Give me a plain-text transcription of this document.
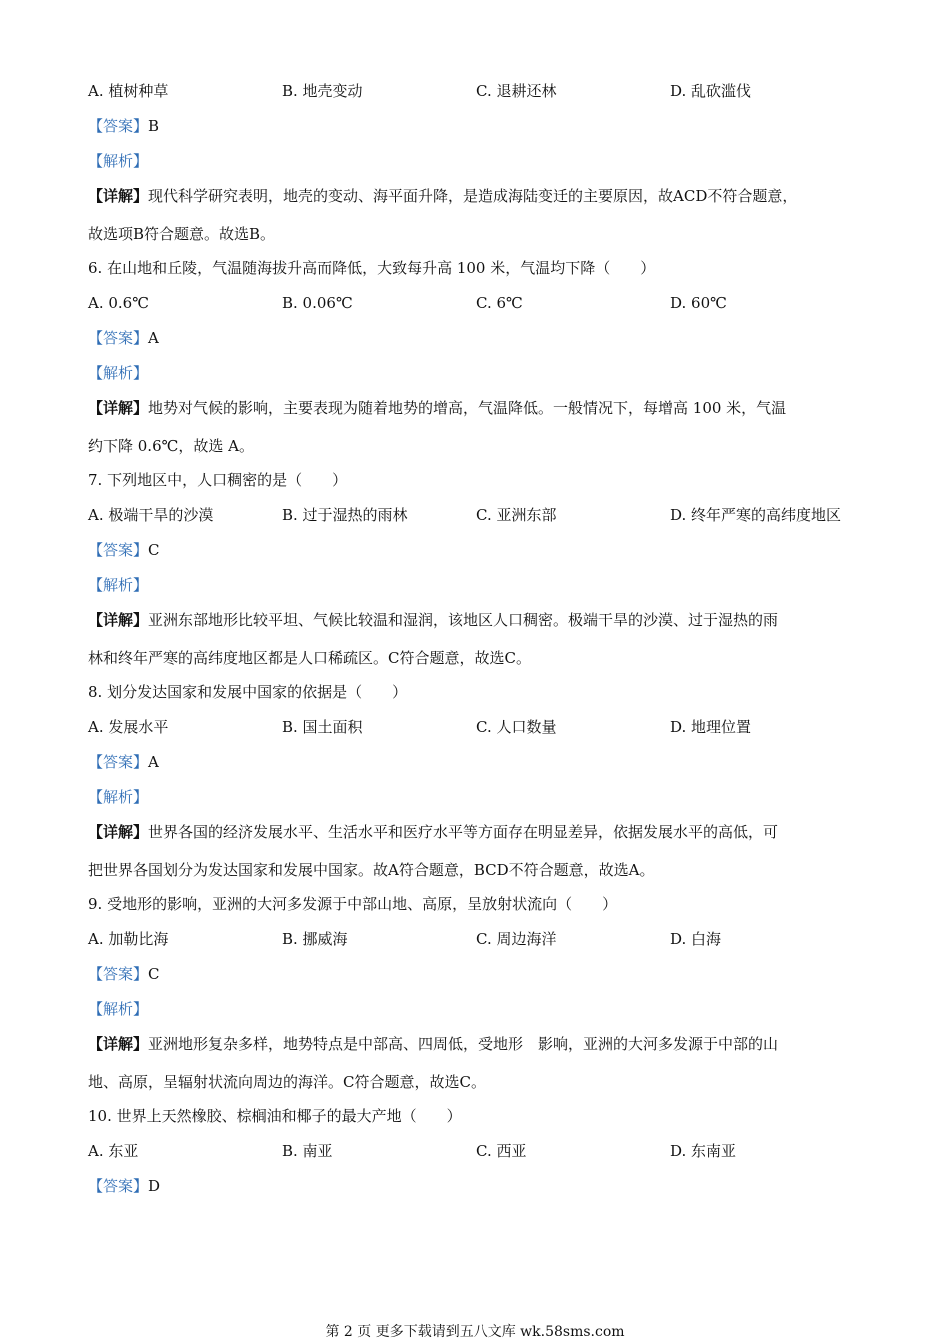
A. 植树种草	B. 地壳变动	C. 退耕还林	D. 乱砍滥伐
【答案】B
【解析】
【详解】现代科学研究表明，地壳的变动、海平面升降，是造成海陆变迁的主要原因，故ACD不符合题意，
故选项B符合题意。故选B。
6. 在山地和丘陵，气温随海拔升高而降低，大致每升高 100 米，气温均下降（　　）
A. 0.6℃	B. 0.06℃	C. 6℃	D. 60℃
【答案】A
【解析】
【详解】地势对气候的影响，主要表现为随着地势的增高，气温降低。一般情况下，每增高 100 米，气温
约下降 0.6℃，故选 A。
7. 下列地区中，人口稠密的是（　　）
A. 极端干旱的沙漠	B. 过于湿热的雨林	C. 亚洲东部	D. 终年严寒的高纬度地区
【答案】C
【解析】
【详解】亚洲东部地形比较平坦、气候比较温和湿润，该地区人口稠密。极端干旱的沙漠、过于湿热的雨
林和终年严寒的高纬度地区都是人口稀疏区。C符合题意，故选C。
8. 划分发达国家和发展中国家的依据是（　　）
A. 发展水平	B. 国土面积	C. 人口数量	D. 地理位置
【答案】A
【解析】
【详解】世界各国的经济发展水平、生活水平和医疗水平等方面存在明显差异，依据发展水平的高低，可
把世界各国划分为发达国家和发展中国家。故A符合题意，BCD不符合题意，故选A。
9. 受地形的影响，亚洲的大河多发源于中部山地、高原，呈放射状流向（　　）
A. 加勒比海	B. 挪威海	C. 周边海洋	D. 白海
【答案】C
【解析】
【详解】亚洲地形复杂多样，地势特点是中部高、四周低，受地形　影响，亚洲的大河多发源于中部的山
地、高原，呈辐射状流向周边的海洋。C符合题意，故选C。
10. 世界上天然橡胶、棕榈油和椰子的最大产地（　　）
A. 东亚	B. 南亚	C. 西亚	D. 东南亚
【答案】D
第 2 页 更多下载请到五八文库 wk.58sms.com
